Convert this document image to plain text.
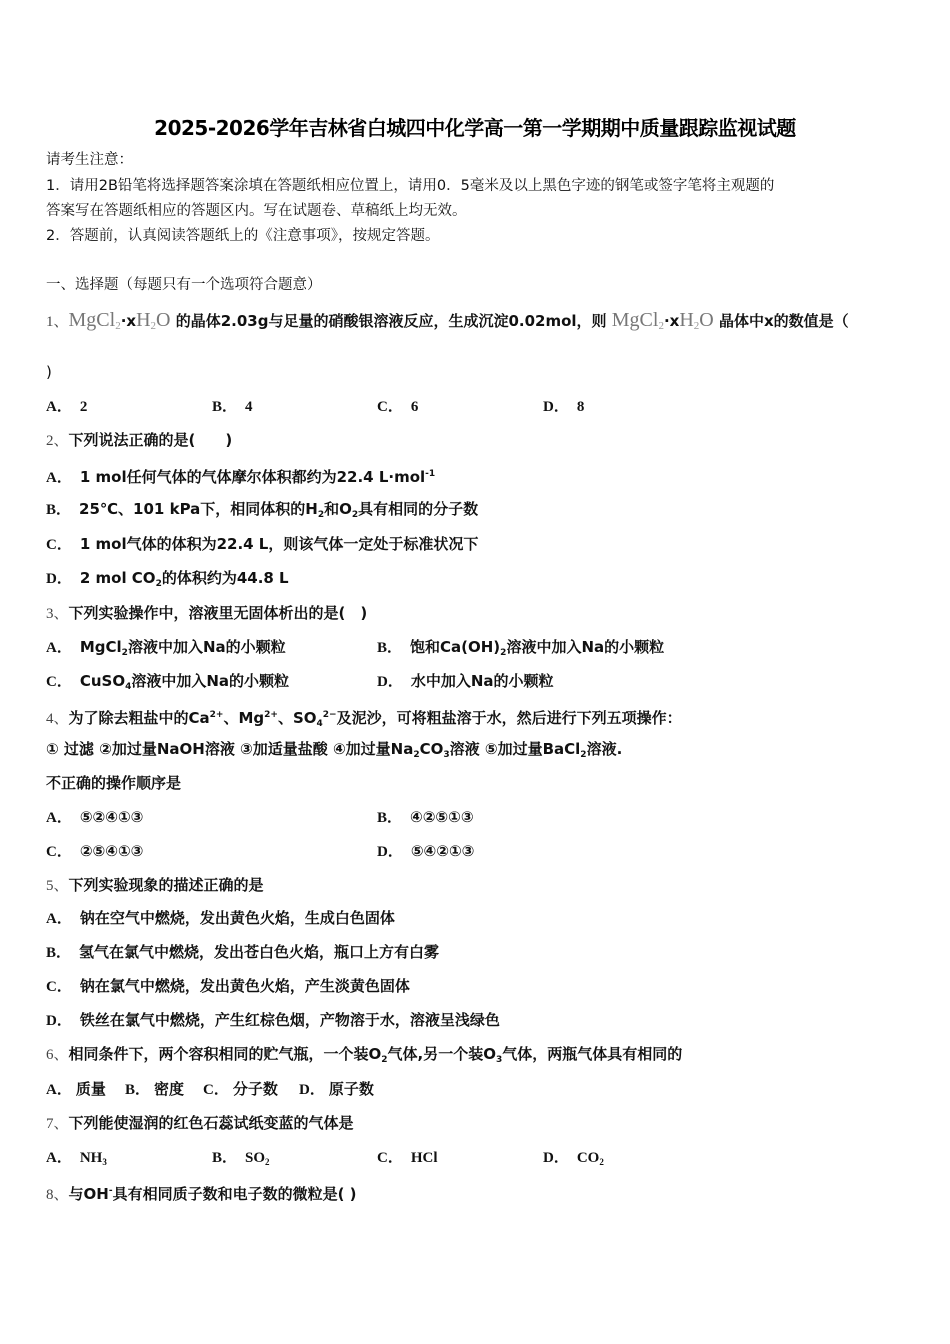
2025-2026学年吉林省白城四中化学高一第一学期期中质量跟踪监视试题
请考生注意：
1．请用2B铅笔将选择题答案涂填在答题纸相应位置上，请用0．5毫米及以上黑色字迹的钢笔或签字笔将主观题的
答案写在答题纸相应的答题区内。写在试题卷、草稿纸上均无效。
2．答题前，认真阅读答题纸上的《注意事项》，按规定答题。
一、选择题（每题只有一个选项符合题意）
1、$MgCl_2\cdot xH_2O$ 的晶体2.03g与足量的硝酸银溶液反应，生成沉淀0.02mol，则 $MgCl_2\cdot xH_2O$ 晶体中x的数值是（
)
A． 2	B． 4	C． 6	D． 8
2、下列说法正确的是(　　)
A． 1 mol任何气体的气体摩尔体积都约为22.4 L·mol$^{-1}$
B． 25℃、101 kPa下，相同体积的$H_2$和$O_2$具有相同的分子数
C． 1 mol气体的体积为22.4 L，则该气体一定处于标准状况下
D． 2 mol $CO_2$的体积约为44.8 L
3、下列实验操作中，溶液里无固体析出的是(　)
A． MgCl$_2$溶液中加入Na的小颗粒	B． 饱和$Ca(OH)_2$溶液中加入Na的小颗粒
C． CuSO$_4$溶液中加入Na的小颗粒	D． 水中加入Na的小颗粒
4、为了除去粗盐中的$Ca^{2+}$、$Mg^{2+}$、$SO_4^{2-}$及泥沙，可将粗盐溶于水，然后进行下列五项操作：
① 过滤 ②加过量NaOH溶液 ③加适量盐酸 ④加过量$Na_2CO_3$溶液 ⑤加过量BaCl$_2$溶液.
不正确的操作顺序是
A． ⑤②④①③	B． ④②⑤①③
C． ②⑤④①③	D． ⑤④②①③
5、下列实验现象的描述正确的是
A． 钠在空气中燃烧，发出黄色火焰，生成白色固体
B． 氢气在氯气中燃烧，发出苍白色火焰，瓶口上方有白雾
C． 钠在氯气中燃烧，发出黄色火焰，产生淡黄色固体
D． 铁丝在氯气中燃烧，产生红棕色烟，产物溶于水，溶液呈浅绿色
6、相同条件下，两个容积相同的贮气瓶，一个装$O_2$气体,另一个装$O_3$气体，两瓶气体具有相同的
A． 质量 B． 密度 C． 分子数 D． 原子数
7、下列能使湿润的红色石蕊试纸变蓝的气体是
A． $NH_3$	B． $SO_2$	C． HCl	D． $CO_2$
8、与OH-具有相同质子数和电子数的微粒是( )
